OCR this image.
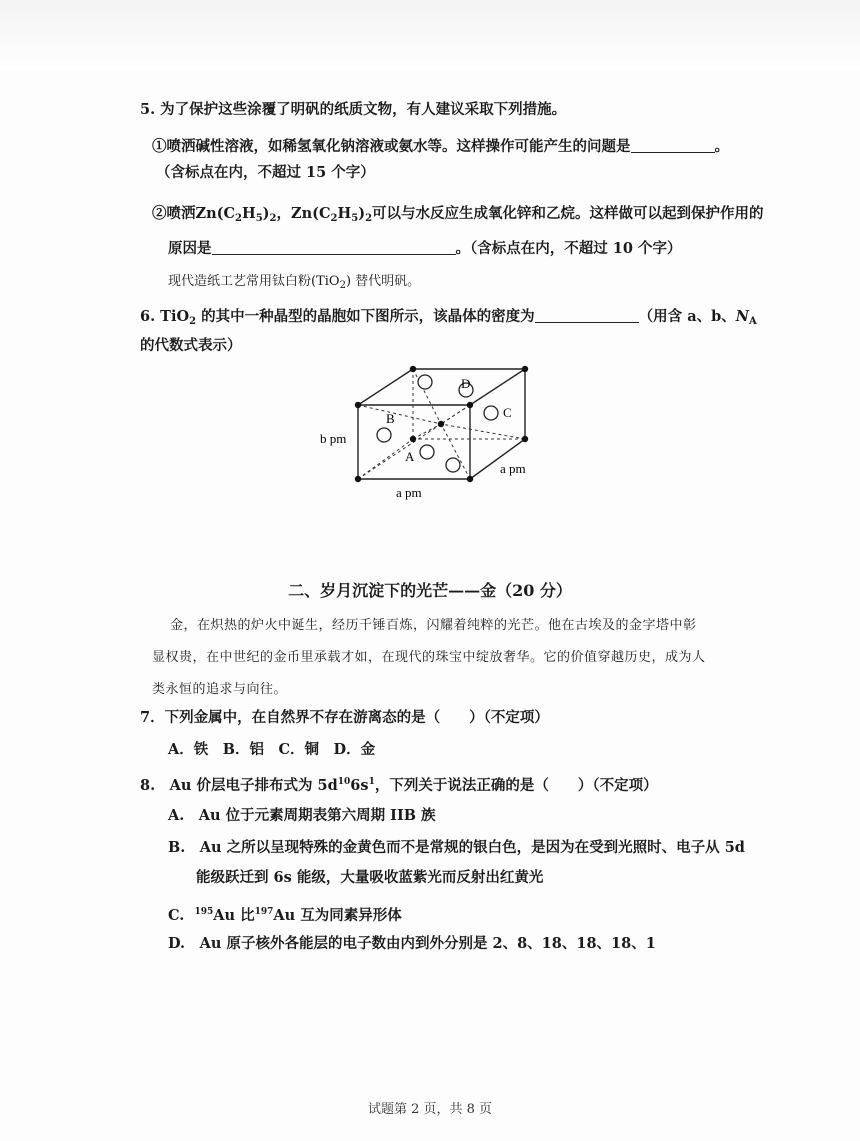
5. 为了保护这些涂覆了明矾的纸质文物，有人建议采取下列措施。
①喷洒碱性溶液，如稀氢氧化钠溶液或氨水等。这样操作可能产生的问题是	。
（含标点在内，不超过 15 个字）
②喷洒$Zn(C_2H_5)_2$，$Zn(C_2H_5)_2$可以与水反应生成氧化锌和乙烷。这样做可以起到保护作用的
原因是	。（含标点在内，不超过 10 个字）
现代造纸工艺常用钛白粉(TiO$_2$) 替代明矾。
6. TiO$_2$ 的其中一种晶型的晶胞如下图所示，该晶体的密度为	（用含 a、b、$N_A$
的代数式表示）
B
D
C
A
b pm
a pm
a pm
二、岁月沉淀下的光芒——金（20 分）
金，在炽热的炉火中诞生，经历千锤百炼，闪耀着纯粹的光芒。他在古埃及的金字塔中彰
显权贵，在中世纪的金币里承载才如，在现代的珠宝中绽放奢华。它的价值穿越历史，成为人
类永恒的追求与向往。
7．下列金属中，在自然界不存在游离态的是（　　）（不定项）
A．铁　B．铝　C．铜　D．金
8.　Au 价层电子排布式为 $5d^{10}6s^1$，下列关于说法正确的是（　　）（不定项）
A.　Au 位于元素周期表第六周期 IIB 族
B.　Au 之所以呈现特殊的金黄色而不是常规的银白色，是因为在受到光照时、电子从 5d
能级跃迁到 6s 能级，大量吸收蓝紫光而反射出红黄光
C. $^{195}$Au 比$^{197}$Au 互为同素异形体
D.　Au 原子核外各能层的电子数由内到外分别是 2、8、18、18、18、1
试题第 2 页，共 8 页
